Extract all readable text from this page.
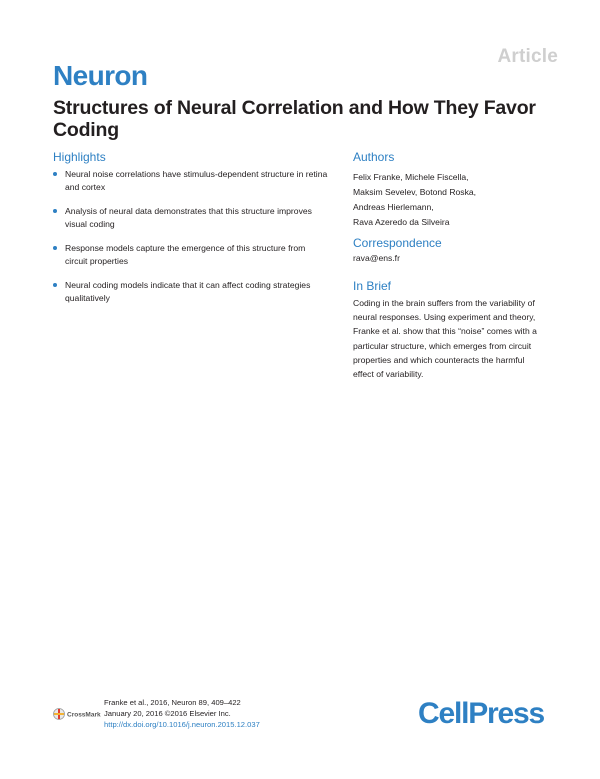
Article
Neuron
Structures of Neural Correlation and How They Favor Coding
Highlights
Neural noise correlations have stimulus-dependent structure in retina and cortex
Analysis of neural data demonstrates that this structure improves visual coding
Response models capture the emergence of this structure from circuit properties
Neural coding models indicate that it can affect coding strategies qualitatively
Authors
Felix Franke, Michele Fiscella,
Maksim Sevelev, Botond Roska,
Andreas Hierlemann,
Rava Azeredo da Silveira
Correspondence
rava@ens.fr
In Brief
Coding in the brain suffers from the variability of neural responses. Using experiment and theory, Franke et al. show that this “noise” comes with a particular structure, which emerges from circuit properties and which counteracts the harmful effect of variability.
CrossMark
Franke et al., 2016, Neuron 89, 409–422
January 20, 2016 ©2016 Elsevier Inc.
http://dx.doi.org/10.1016/j.neuron.2015.12.037	CellPress
